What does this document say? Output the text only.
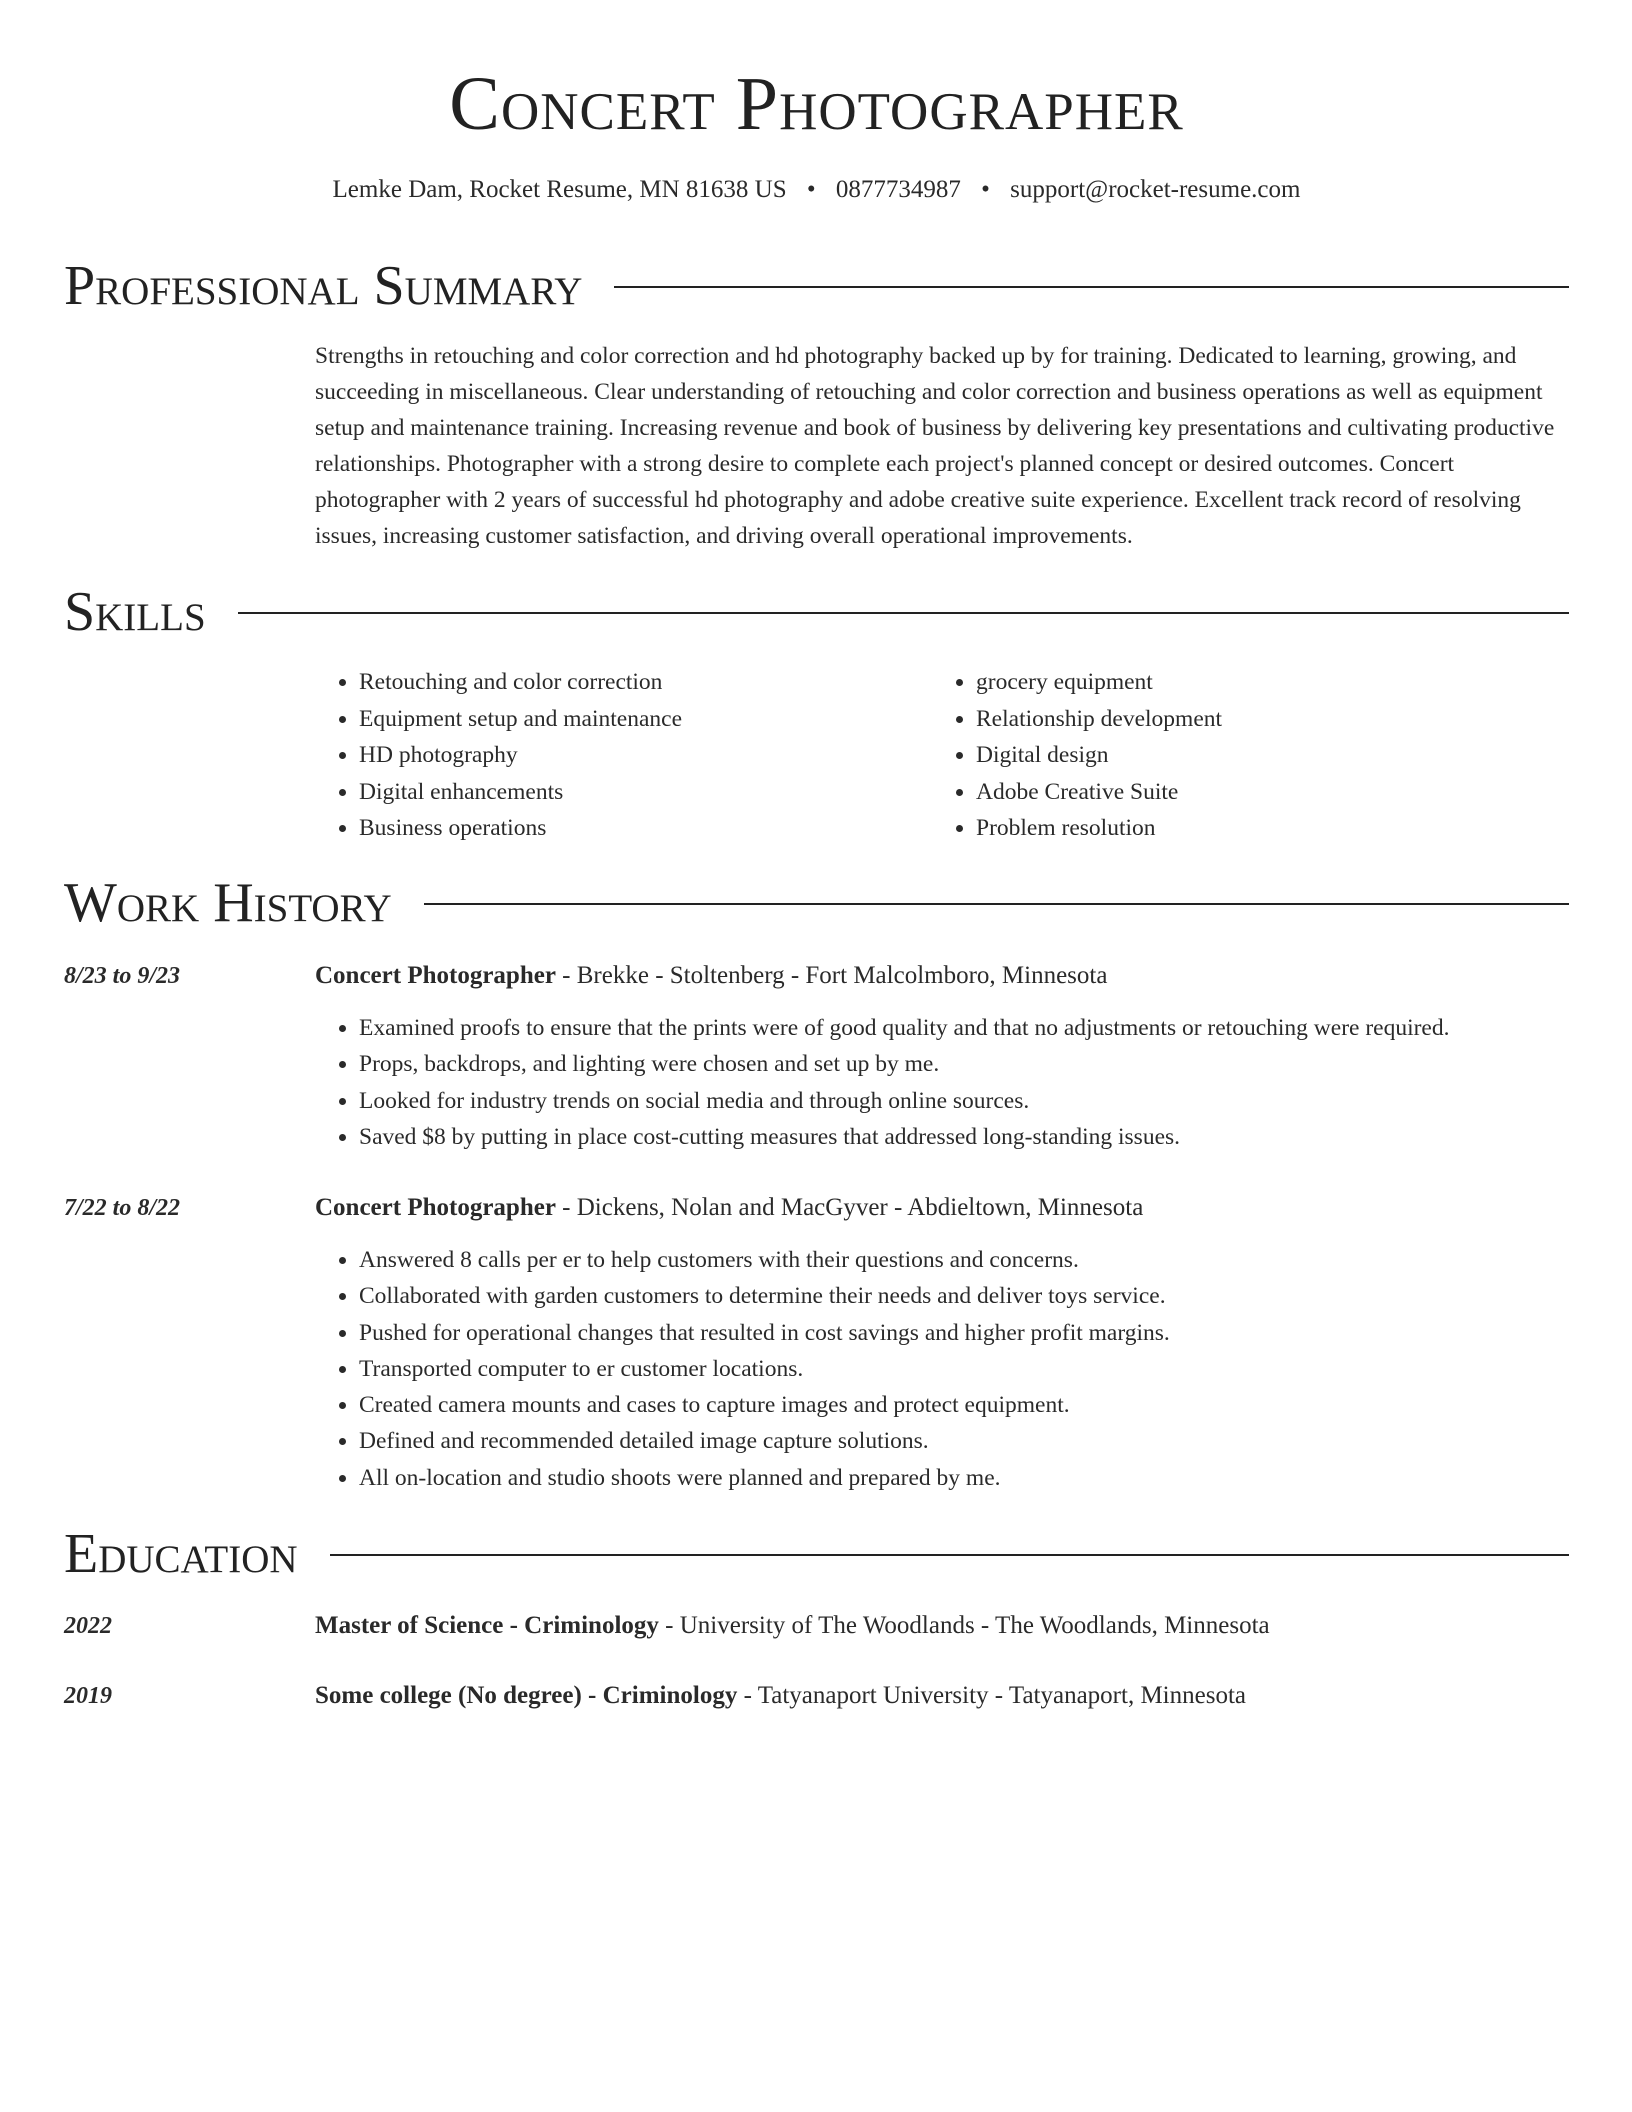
Concert Photographer
Lemke Dam, Rocket Resume, MN 81638 US • 0877734987 • support@rocket-resume.com
Professional Summary

Strengths in retouching and color correction and hd photography backed up by for training. Dedicated to learning, growing, and succeeding in miscellaneous. Clear understanding of retouching and color correction and business operations as well as equipment setup and maintenance training. Increasing revenue and book of business by delivering key presentations and cultivating productive relationships. Photographer with a strong desire to complete each project's planned concept or desired outcomes. Concert photographer with 2 years of successful hd photography and adobe creative suite experience. Excellent track record of resolving issues, increasing customer satisfaction, and driving overall operational improvements.

Skills
• Retouching and color correction
• Equipment setup and maintenance
• HD photography
• Digital enhancements
• Business operations
• grocery equipment
• Relationship development
• Digital design
• Adobe Creative Suite
• Problem resolution
Work History
8/23 to 9/23	Concert Photographer - Brekke - Stoltenberg - Fort Malcolmboro, Minnesota
• Examined proofs to ensure that the prints were of good quality and that no adjustments or retouching were required.
• Props, backdrops, and lighting were chosen and set up by me.
• Looked for industry trends on social media and through online sources.
• Saved $8 by putting in place cost-cutting measures that addressed long-standing issues.
7/22 to 8/22	Concert Photographer - Dickens, Nolan and MacGyver - Abdieltown, Minnesota
• Answered 8 calls per er to help customers with their questions and concerns.
• Collaborated with garden customers to determine their needs and deliver toys service.
• Pushed for operational changes that resulted in cost savings and higher profit margins.
• Transported computer to er customer locations.
• Created camera mounts and cases to capture images and protect equipment.
• Defined and recommended detailed image capture solutions.
• All on-location and studio shoots were planned and prepared by me.
Education
2022	Master of Science - Criminology - University of The Woodlands - The Woodlands, Minnesota
2019	Some college (No degree) - Criminology - Tatyanaport University - Tatyanaport, Minnesota
